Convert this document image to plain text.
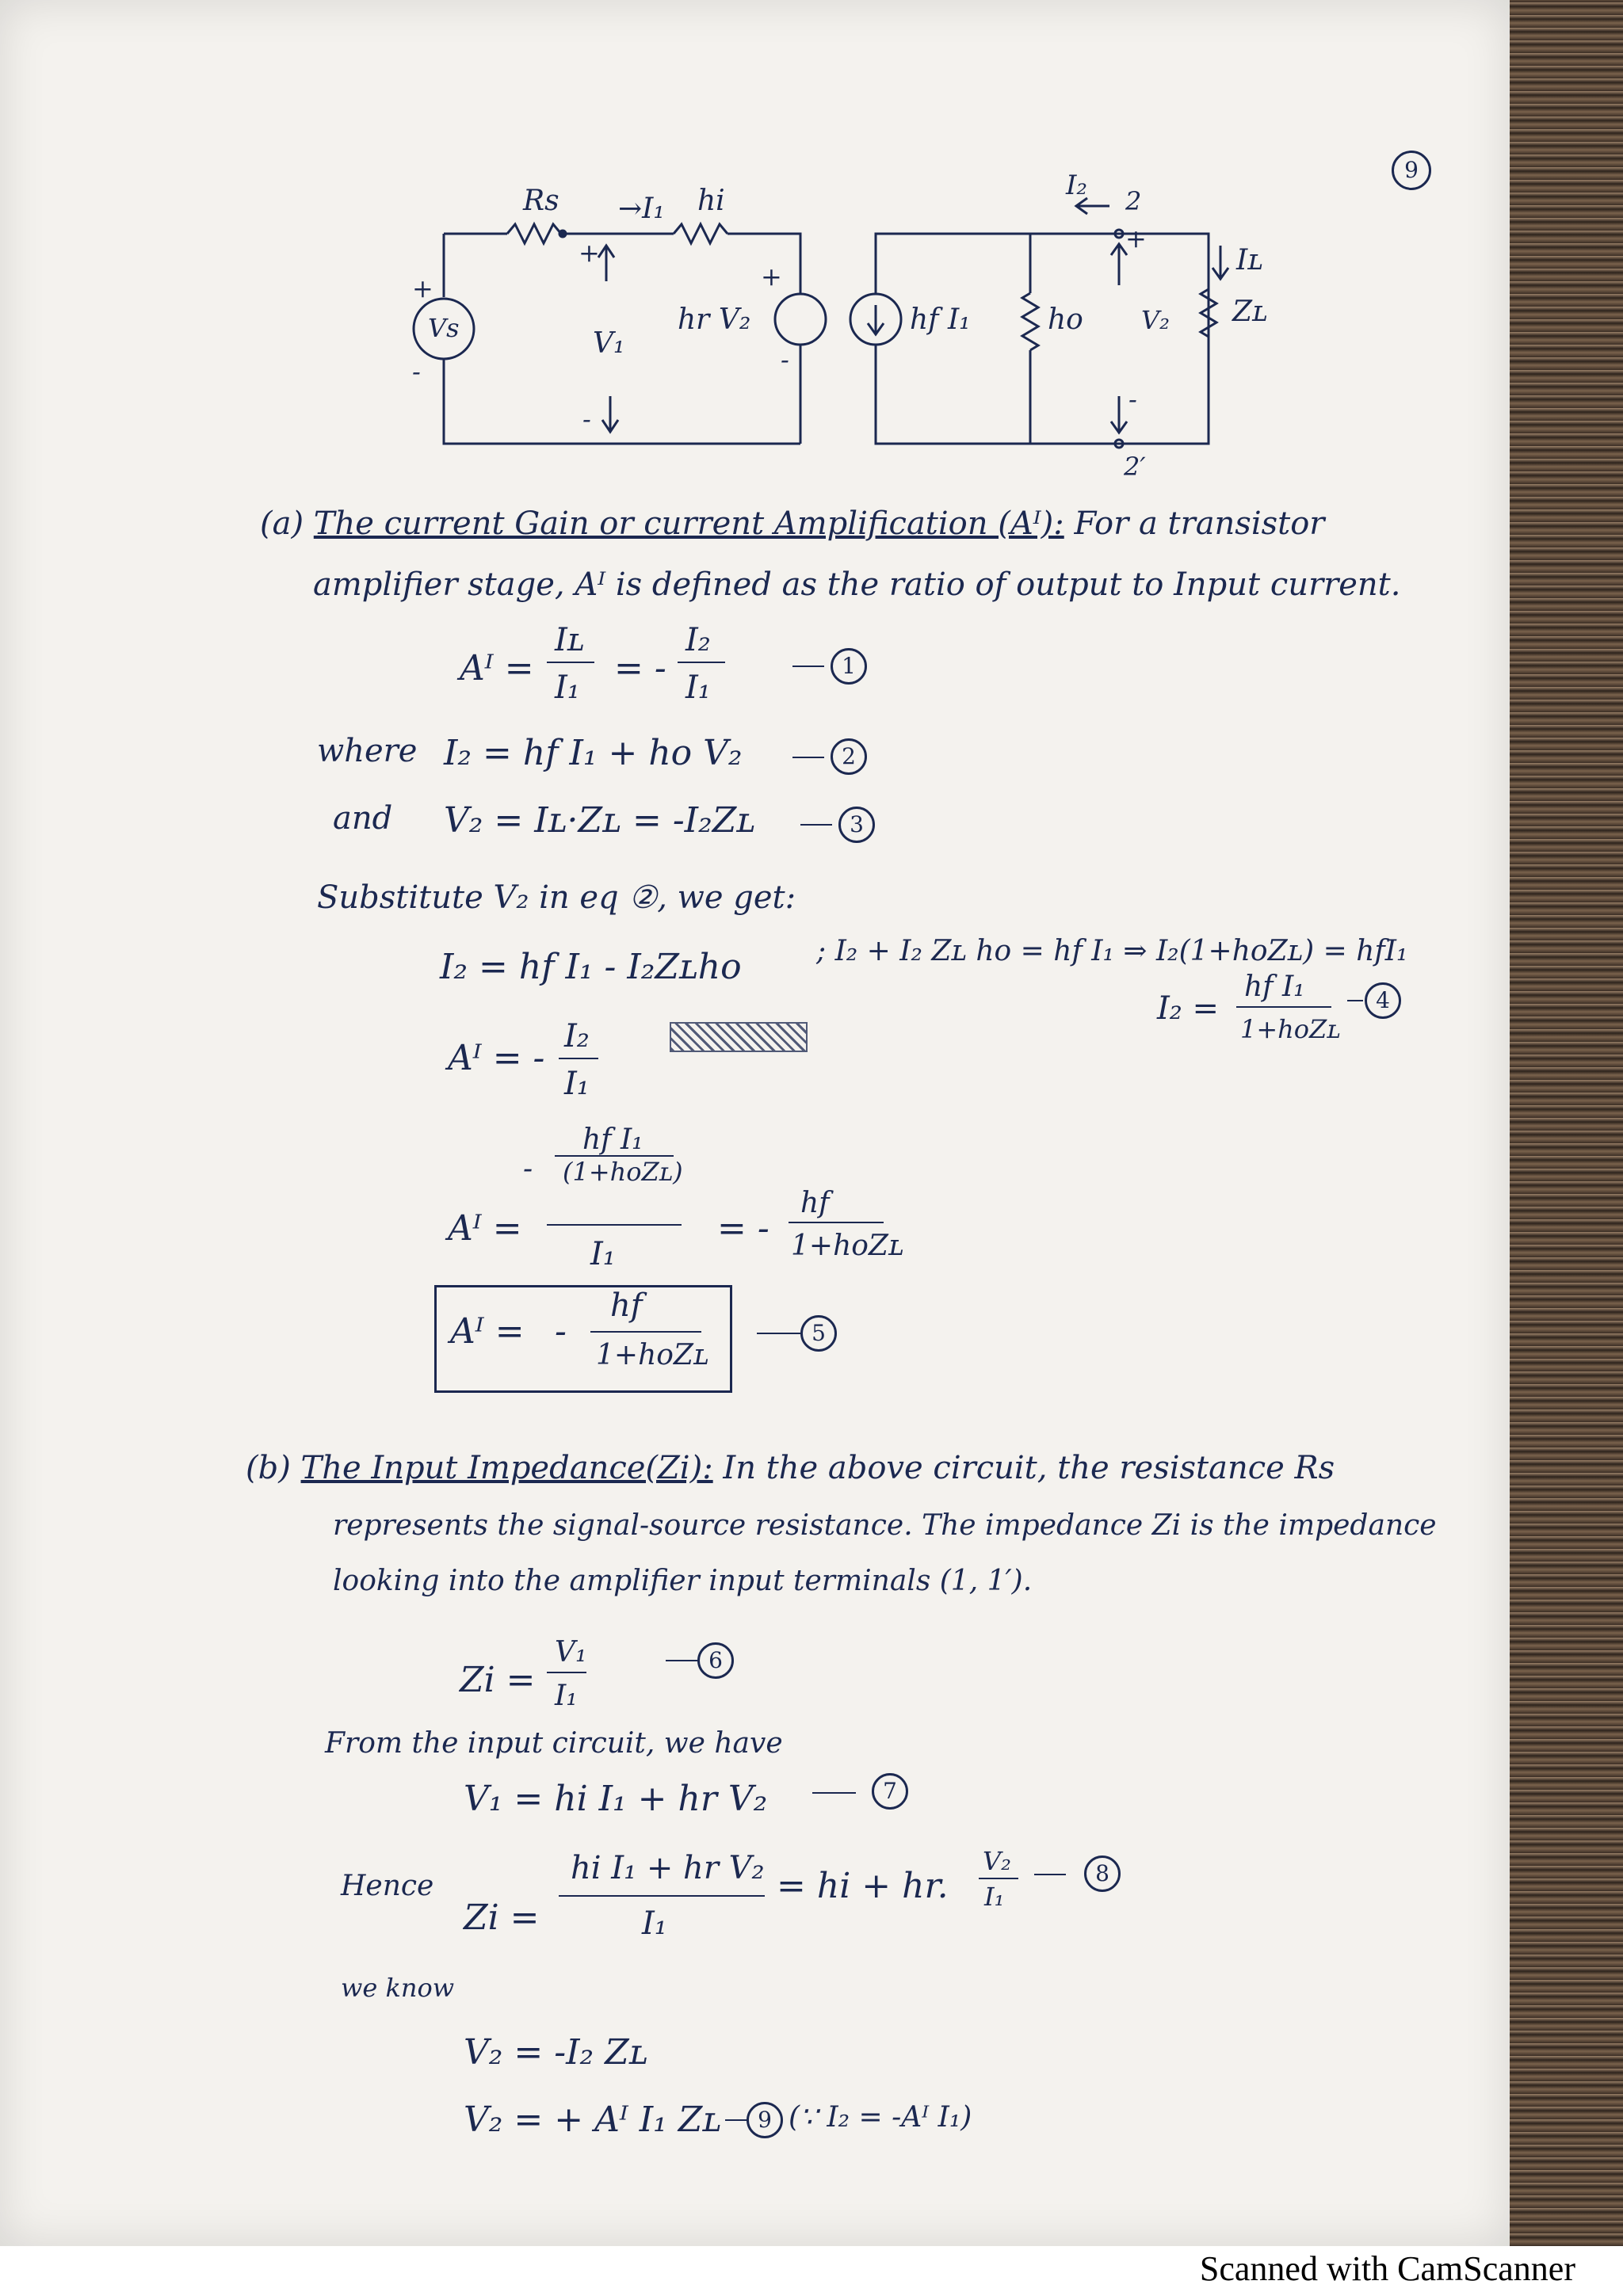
9
Rs →I₁ hi
Vs
+
-
+
V₁
-
hr V₂
+
-
hf I₁	ho V₂
+
-
I₂ 2
2′
Iʟ
Zʟ
(a) The current Gain or current Amplification (Aᴵ): For a transistor
amplifier stage, Aᴵ is defined as the ratio of output to Input current.
Aᴵ =
Iʟ
I₁ = -
I₂
I₁
1
where I₂ = hf I₁ + ho V₂	2
and V₂ = Iʟ·Zʟ = -I₂Zʟ	3
Substitute V₂ in eq ②, we get:
I₂ = hf I₁ - I₂Zʟho	; I₂ + I₂ Zʟ ho = hf I₁ ⇒ I₂(1+hoZʟ) = hfI₁
I₂ =
hf I₁
1+hoZʟ
4
Aᴵ = -
I₂
I₁
-
hf I₁
(1+hoZʟ)
Aᴵ =
I₁
= -
hf
1+hoZʟ
Aᴵ = -
hf
1+hoZʟ
5
(b) The Input Impedance(Zi): In the above circuit, the resistance Rs
represents the signal-source resistance. The impedance Zi is the impedance
looking into the amplifier input terminals (1, 1′).
Zi =
V₁
I₁
6
From the input circuit, we have
V₁ = hi I₁ + hr V₂	7
Hence
Zi =
hi I₁ + hr V₂
I₁
= hi + hr.
V₂
I₁
8
we know
V₂ = -I₂ Zʟ
V₂ = + Aᴵ I₁ Zʟ	9 (∵ I₂ = -Aᴵ I₁)
Scanned with CamScanner
